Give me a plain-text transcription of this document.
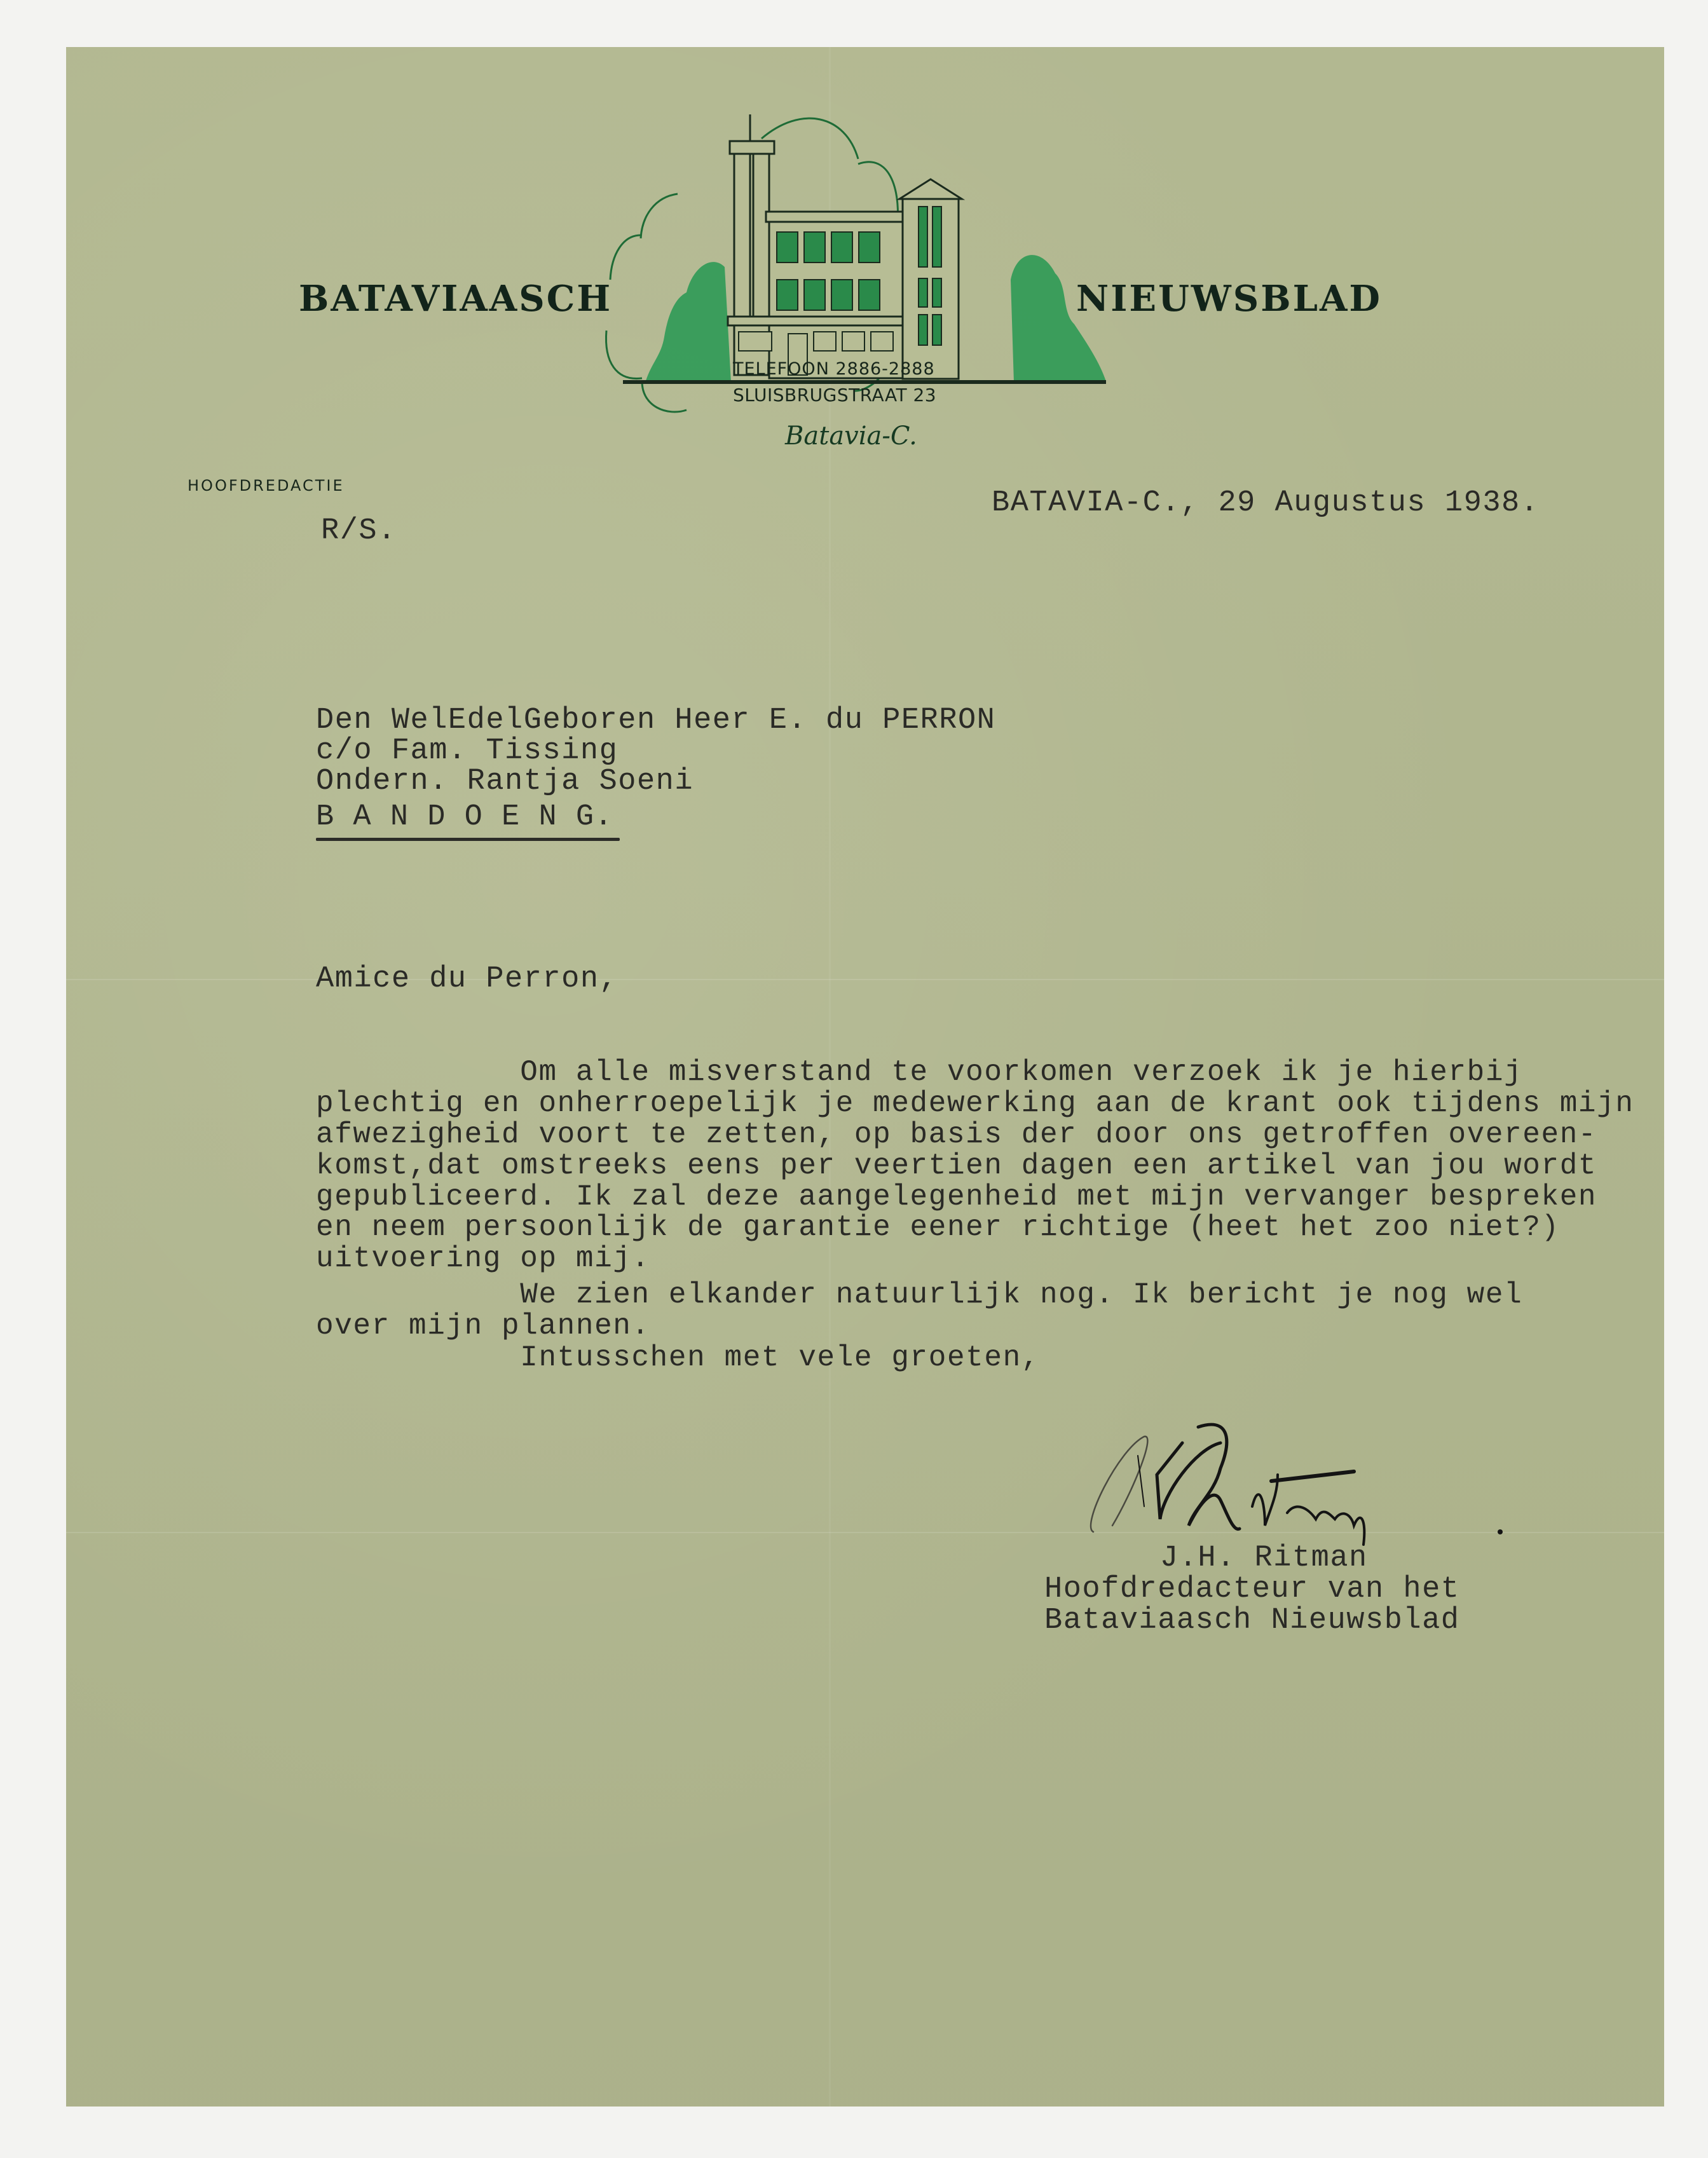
BATAVIAASCH	NIEUWSBLAD
TELEFOON 2886-2888
SLUISBRUGSTRAAT 23
Batavia-C.
HOOFDREDACTIE
R/S.
BATAVIA-C., 29 Augustus 1938.
Den WelEdelGeboren Heer E. du PERRON
c/o Fam. Tissing
Ondern. Rantja Soeni
B A N D O E N G.
Amice du Perron,
Om alle misverstand te voorkomen verzoek ik je hierbij
plechtig en onherroepelijk je medewerking aan de krant ook tijdens mijn
afwezigheid voort te zetten, op basis der door ons getroffen overeen-
komst,dat omstreeks eens per veertien dagen een artikel van jou wordt
gepubliceerd. Ik zal deze aangelegenheid met mijn vervanger bespreken
en neem persoonlijk de garantie eener richtige (heet het zoo niet?)
uitvoering op mij.
We zien elkander natuurlijk nog. Ik bericht je nog wel
over mijn plannen.
Intusschen met vele groeten,
J.H. Ritman
Hoofdredacteur van het
Bataviaasch Nieuwsblad
